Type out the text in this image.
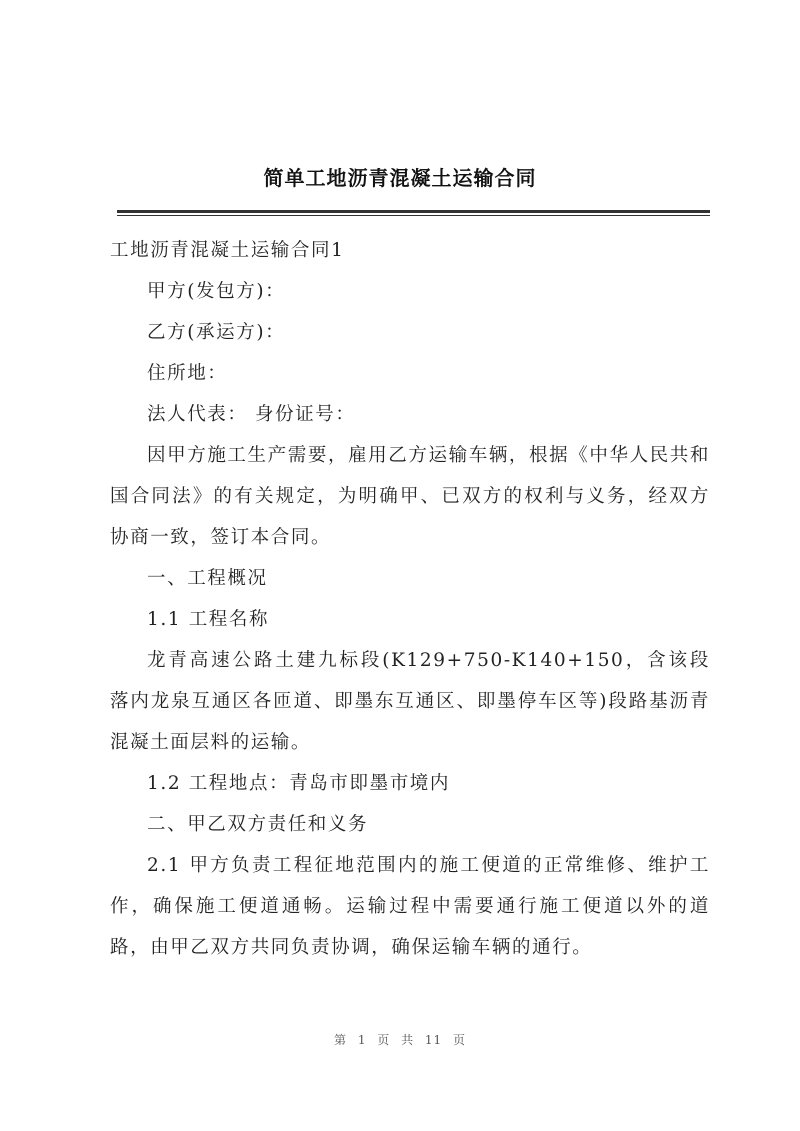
简单工地沥青混凝土运输合同

工地沥青混凝土运输合同1

甲方(发包方)：

乙方(承运方)：

住所地：

法人代表： 身份证号：

因甲方施工生产需要，雇用乙方运输车辆，根据《中华人民共和国合同法》的有关规定，为明确甲、已双方的权利与义务，经双方协商一致，签订本合同。

一、工程概况

1.1 工程名称

龙青高速公路土建九标段(K129+750-K140+150，含该段落内龙泉互通区各匝道、即墨东互通区、即墨停车区等)段路基沥青混凝土面层料的运输。

1.2 工程地点：青岛市即墨市境内

二、甲乙双方责任和义务

2.1 甲方负责工程征地范围内的施工便道的正常维修、维护工作，确保施工便道通畅。运输过程中需要通行施工便道以外的道路，由甲乙双方共同负责协调，确保运输车辆的通行。

第 1 页 共 11 页
